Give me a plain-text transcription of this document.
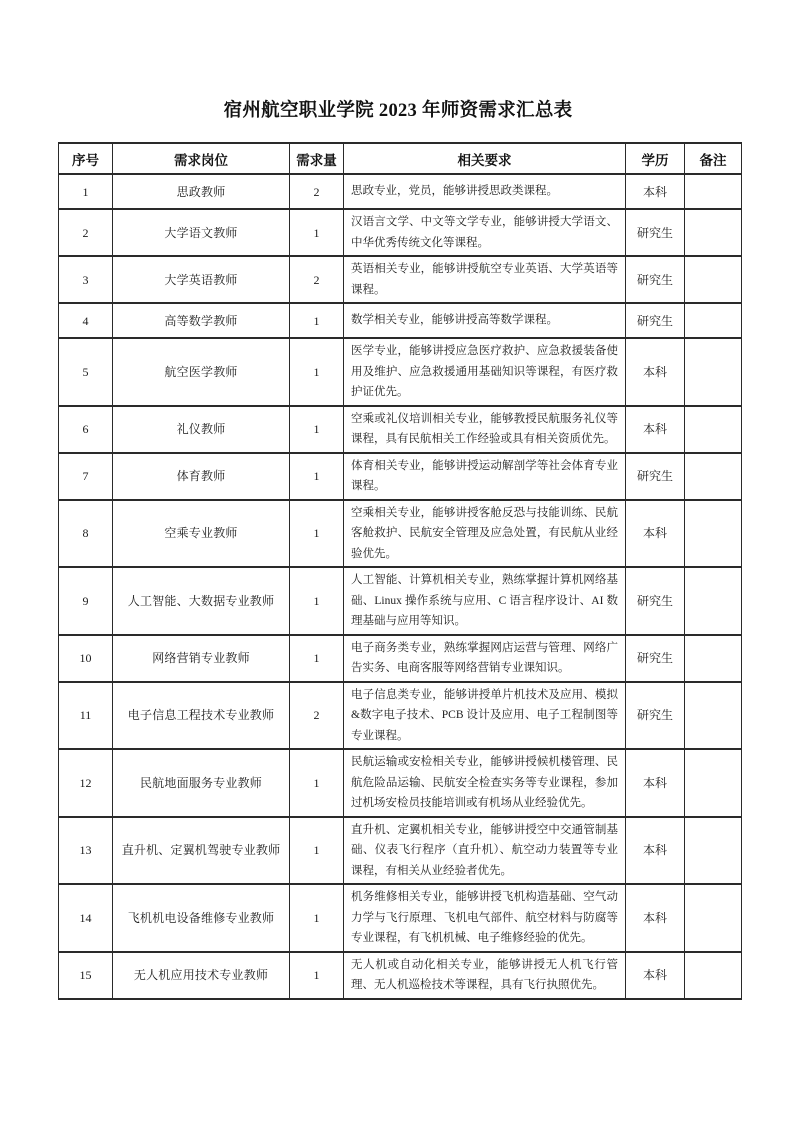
宿州航空职业学院 2023 年师资需求汇总表
序号	需求岗位	需求量	相关要求	学历	备注
1	思政教师	2	思政专业，党员，能够讲授思政类课程。	本科	
2	大学语文教师	1	汉语言文学、中文等文学专业，能够讲授大学语文、中华优秀传统文化等课程。	研究生	
3	大学英语教师	2	英语相关专业，能够讲授航空专业英语、大学英语等课程。	研究生	
4	高等数学教师	1	数学相关专业，能够讲授高等数学课程。	研究生	
5	航空医学教师	1	医学专业，能够讲授应急医疗救护、应急救援装备使用及维护、应急救援通用基础知识等课程，有医疗救护证优先。	本科	
6	礼仪教师	1	空乘或礼仪培训相关专业，能够教授民航服务礼仪等课程，具有民航相关工作经验或具有相关资质优先。	本科	
7	体育教师	1	体育相关专业，能够讲授运动解剖学等社会体育专业课程。	研究生	
8	空乘专业教师	1	空乘相关专业，能够讲授客舱反恐与技能训练、民航客舱救护、民航安全管理及应急处置，有民航从业经验优先。	本科	
9	人工智能、大数据专业教师	1	人工智能、计算机相关专业，熟练掌握计算机网络基础、Linux 操作系统与应用、C 语言程序设计、AI 数理基础与应用等知识。	研究生	
10	网络营销专业教师	1	电子商务类专业，熟练掌握网店运营与管理、网络广告实务、电商客服等网络营销专业课知识。	研究生	
11	电子信息工程技术专业教师	2	电子信息类专业，能够讲授单片机技术及应用、模拟&数字电子技术、PCB 设计及应用、电子工程制图等专业课程。	研究生	
12	民航地面服务专业教师	1	民航运输或安检相关专业，能够讲授候机楼管理、民航危险品运输、民航安全检查实务等专业课程，参加过机场安检员技能培训或有机场从业经验优先。	本科	
13	直升机、定翼机驾驶专业教师	1	直升机、定翼机相关专业，能够讲授空中交通管制基础、仪表飞行程序（直升机）、航空动力装置等专业课程，有相关从业经验者优先。	本科	
14	飞机机电设备维修专业教师	1	机务维修相关专业，能够讲授飞机构造基础、空气动力学与飞行原理、飞机电气部件、航空材料与防腐等专业课程，有飞机机械、电子维修经验的优先。	本科	
15	无人机应用技术专业教师	1	无人机或自动化相关专业，能够讲授无人机飞行管理、无人机巡检技术等课程，具有飞行执照优先。	本科	
